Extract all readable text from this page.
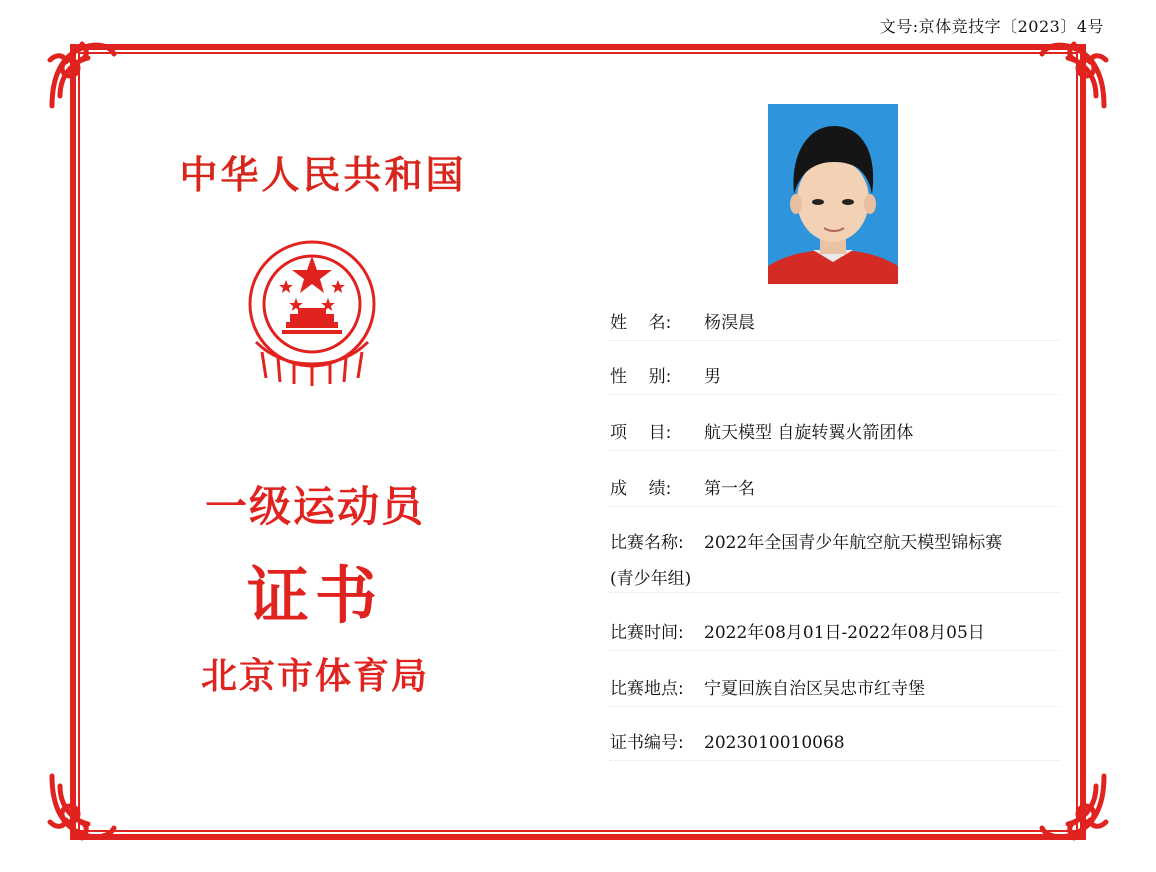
文号:京体竞技字〔2023〕4号
中华人民共和国
一级运动员
证书
北京市体育局
姓    名: 杨淏晨
性    别: 男
项    目: 航天模型 自旋转翼火箭团体
成    绩: 第一名
比赛名称: 2022年全国青少年航空航天模型锦标赛
(青少年组)
比赛时间: 2022年08月01日-2022年08月05日
比赛地点: 宁夏回族自治区吴忠市红寺堡
证书编号: 2023010010068
